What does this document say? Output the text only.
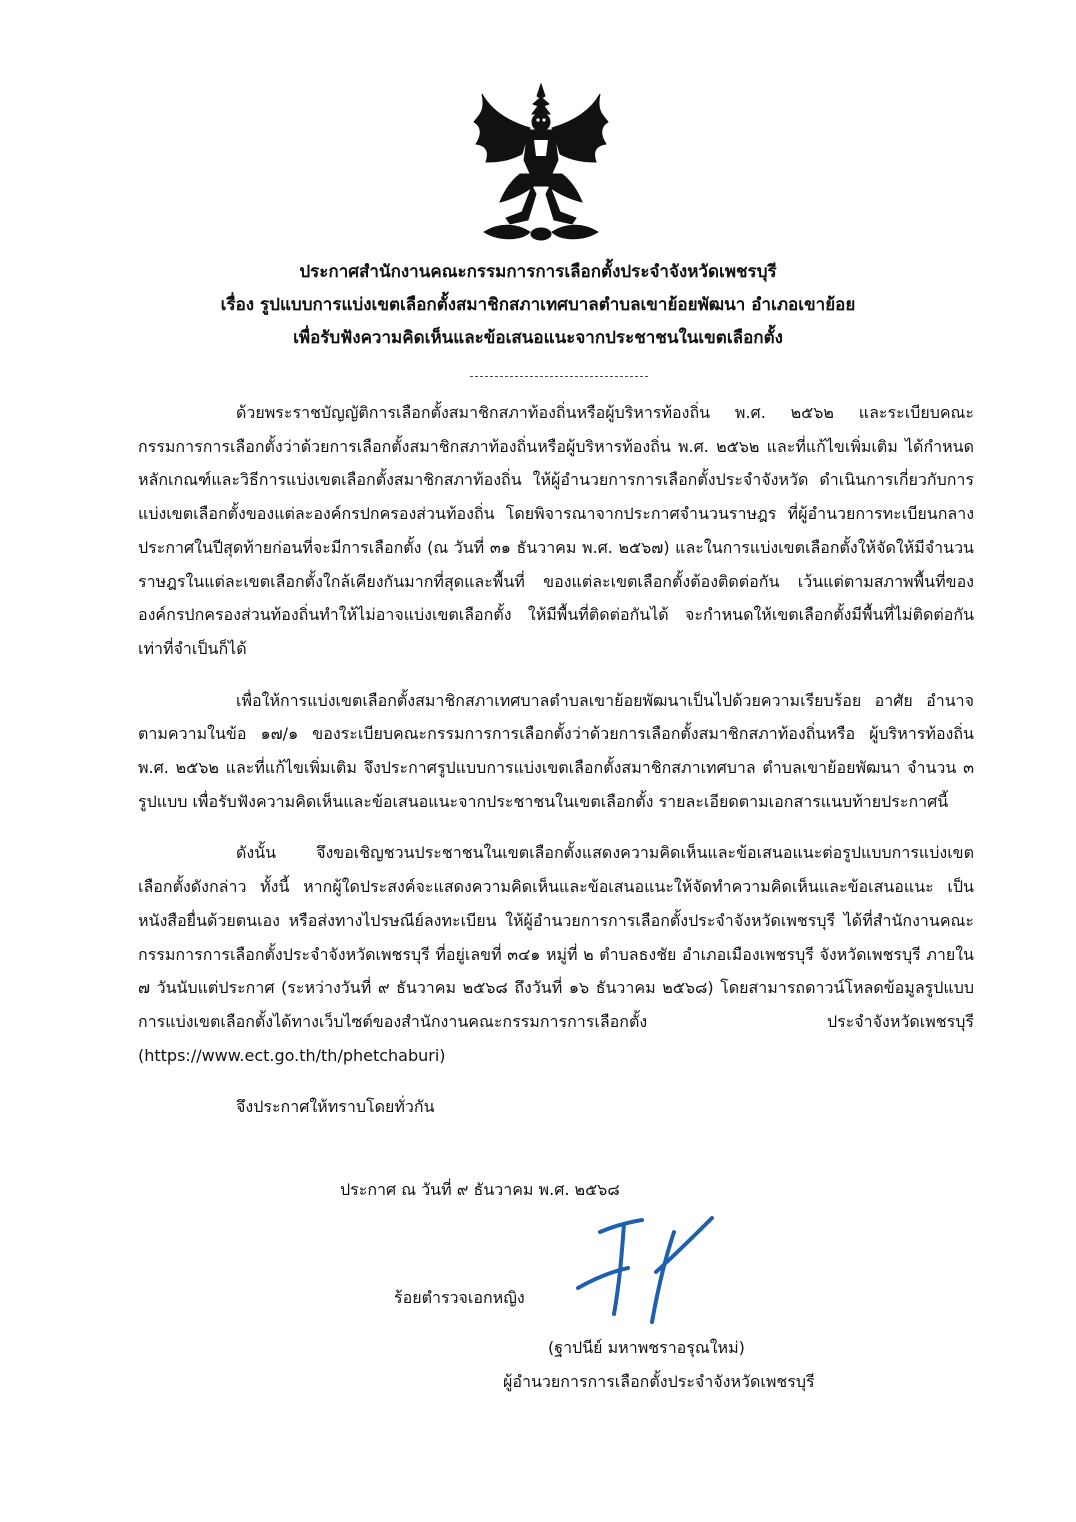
ประกาศสำนักงานคณะกรรมการการเลือกตั้งประจำจังหวัดเพชรบุรี
เรื่อง รูปแบบการแบ่งเขตเลือกตั้งสมาชิกสภาเทศบาลตำบลเขาย้อยพัฒนา อำเภอเขาย้อย
เพื่อรับฟังความคิดเห็นและข้อเสนอแนะจากประชาชนในเขตเลือกตั้ง

ด้วยพระราชบัญญัติการเลือกตั้งสมาชิกสภาท้องถิ่นหรือผู้บริหารท้องถิ่น พ.ศ. ๒๕๖๒ และระเบียบคณะกรรมการการเลือกตั้งว่าด้วยการเลือกตั้งสมาชิกสภาท้องถิ่นหรือผู้บริหารท้องถิ่น พ.ศ. ๒๕๖๒ และที่แก้ไขเพิ่มเติม ได้กำหนดหลักเกณฑ์และวิธีการแบ่งเขตเลือกตั้งสมาชิกสภาท้องถิ่น ให้ผู้อำนวยการการเลือกตั้งประจำจังหวัด ดำเนินการเกี่ยวกับการแบ่งเขตเลือกตั้งของแต่ละองค์กรปกครองส่วนท้องถิ่น โดยพิจารณาจากประกาศจำนวนราษฎร ที่ผู้อำนวยการทะเบียนกลางประกาศในปีสุดท้ายก่อนที่จะมีการเลือกตั้ง (ณ วันที่ ๓๑ ธันวาคม พ.ศ. ๒๕๖๗) และในการแบ่งเขตเลือกตั้งให้จัดให้มีจำนวนราษฎรในแต่ละเขตเลือกตั้งใกล้เคียงกันมากที่สุดและพื้นที่ ของแต่ละเขตเลือกตั้งต้องติดต่อกัน เว้นแต่ตามสภาพพื้นที่ขององค์กรปกครองส่วนท้องถิ่นทำให้ไม่อาจแบ่งเขตเลือกตั้ง ให้มีพื้นที่ติดต่อกันได้ จะกำหนดให้เขตเลือกตั้งมีพื้นที่ไม่ติดต่อกันเท่าที่จำเป็นก็ได้

เพื่อให้การแบ่งเขตเลือกตั้งสมาชิกสภาเทศบาลตำบลเขาย้อยพัฒนาเป็นไปด้วยความเรียบร้อย อาศัย อำนาจตามความในข้อ ๑๗/๑ ของระเบียบคณะกรรมการการเลือกตั้งว่าด้วยการเลือกตั้งสมาชิกสภาท้องถิ่นหรือ ผู้บริหารท้องถิ่น พ.ศ. ๒๕๖๒ และที่แก้ไขเพิ่มเติม จึงประกาศรูปแบบการแบ่งเขตเลือกตั้งสมาชิกสภาเทศบาล ตำบลเขาย้อยพัฒนา จำนวน ๓ รูปแบบ เพื่อรับฟังความคิดเห็นและข้อเสนอแนะจากประชาชนในเขตเลือกตั้ง รายละเอียดตามเอกสารแนบท้ายประกาศนี้

ดังนั้น จึงขอเชิญชวนประชาชนในเขตเลือกตั้งแสดงความคิดเห็นและข้อเสนอแนะต่อรูปแบบการแบ่งเขต เลือกตั้งดังกล่าว ทั้งนี้ หากผู้ใดประสงค์จะแสดงความคิดเห็นและข้อเสนอแนะให้จัดทำความคิดเห็นและข้อเสนอแนะ เป็นหนังสือยื่นด้วยตนเอง หรือส่งทางไปรษณีย์ลงทะเบียน ให้ผู้อำนวยการการเลือกตั้งประจำจังหวัดเพชรบุรี ได้ที่สำนักงานคณะกรรมการการเลือกตั้งประจำจังหวัดเพชรบุรี ที่อยู่เลขที่ ๓๔๑ หมู่ที่ ๒ ตำบลธงชัย อำเภอเมืองเพชรบุรี จังหวัดเพชรบุรี ภายใน ๗ วันนับแต่ประกาศ (ระหว่างวันที่ ๙ ธันวาคม ๒๕๖๘ ถึงวันที่ ๑๖ ธันวาคม ๒๕๖๘) โดยสามารถดาวน์โหลดข้อมูลรูปแบบการแบ่งเขตเลือกตั้งได้ทางเว็บไซต์ของสำนักงานคณะกรรมการการเลือกตั้ง ประจำจังหวัดเพชรบุรี (https://www.ect.go.th/th/phetchaburi)

จึงประกาศให้ทราบโดยทั่วกัน

ประกาศ ณ วันที่ ๙ ธันวาคม พ.ศ. ๒๕๖๘
ร้อยตำรวจเอกหญิง
(ฐาปนีย์ มหาพชราอรุณใหม่)
ผู้อำนวยการการเลือกตั้งประจำจังหวัดเพชรบุรี
